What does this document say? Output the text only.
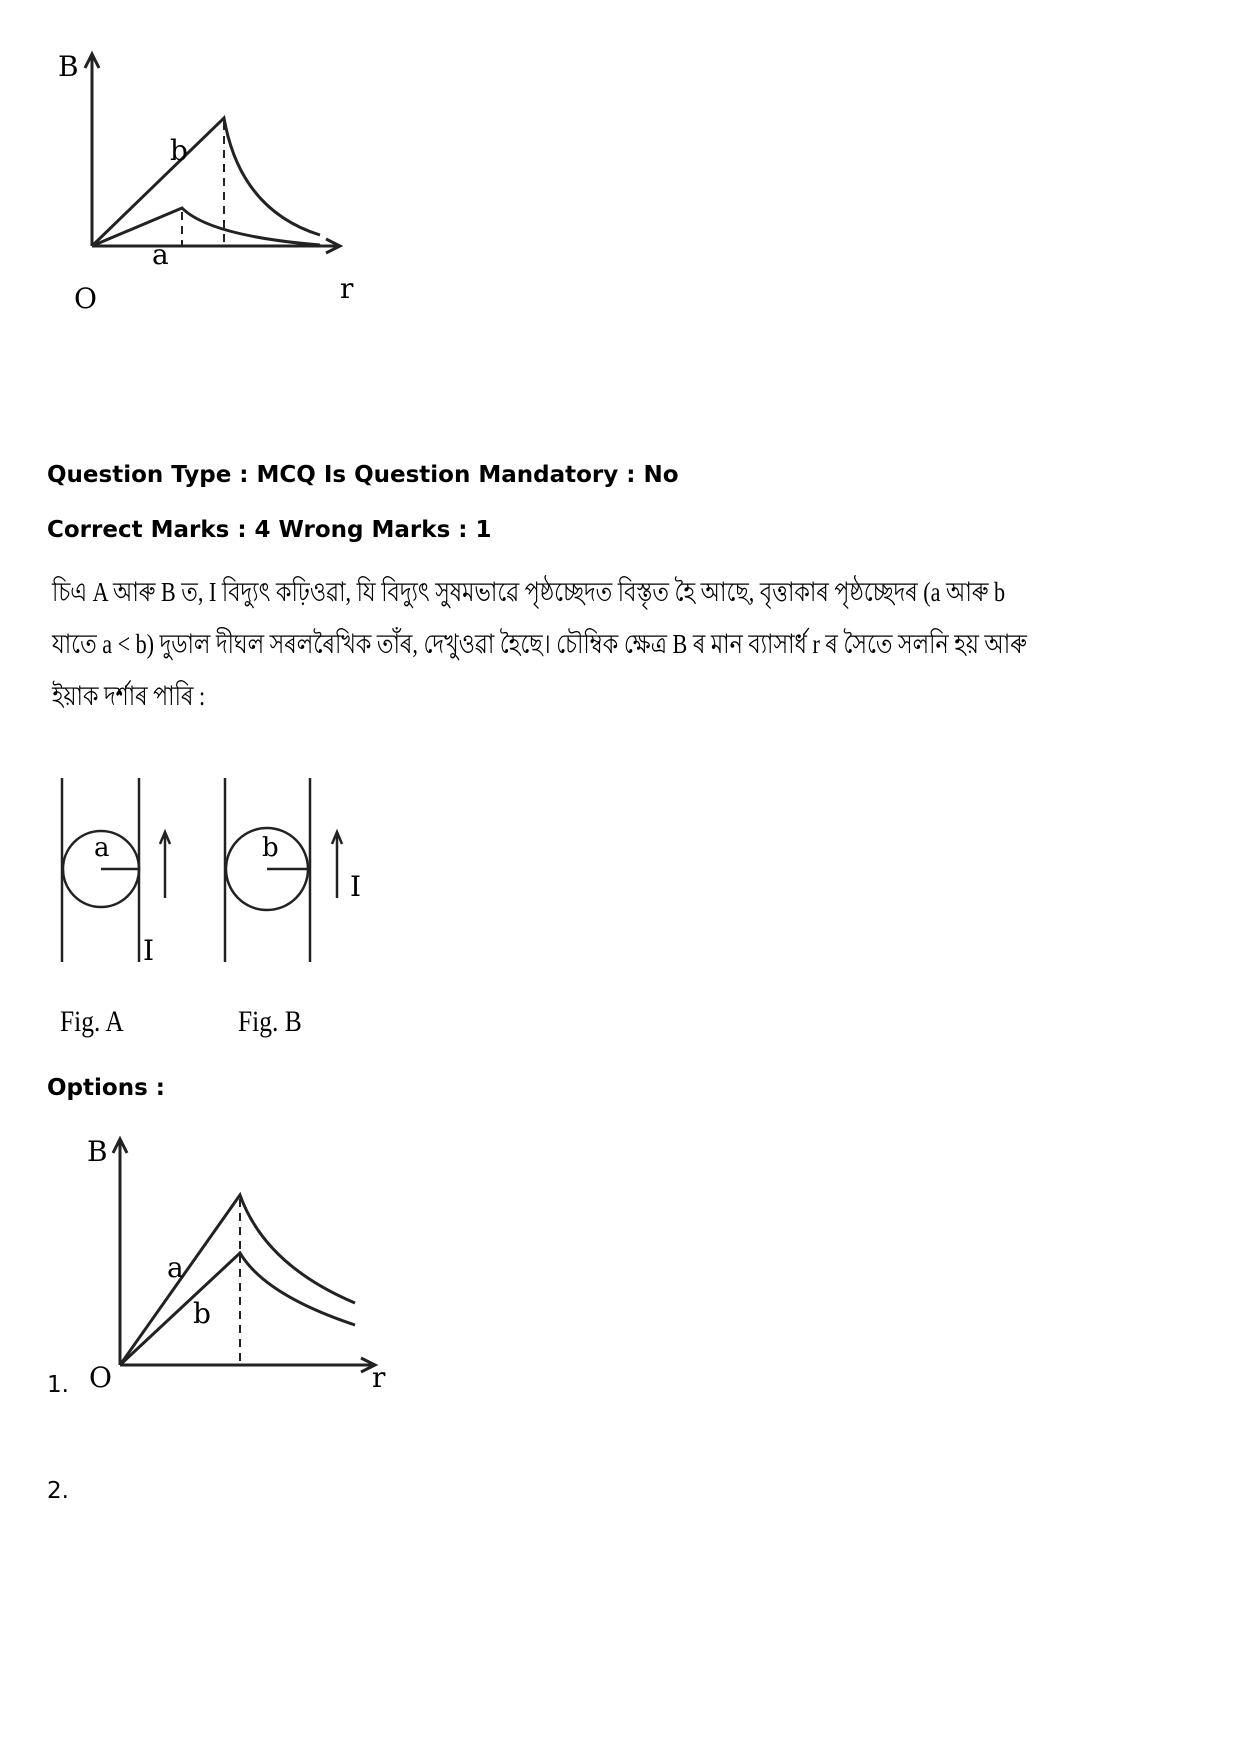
B
r
O
b
a
Question Type : MCQ Is Question Mandatory : No
Correct Marks : 4 Wrong Marks : 1
চিএ A আৰু B ত, I বিদ্যুৎ কঢ়িওৱা, যি বিদ্যুৎ সুষমভাৱে পৃষ্ঠচ্ছেদত বিস্তৃত হৈ আছে, বৃত্তাকাৰ পৃষ্ঠচ্ছেদৰ (a আৰু b
যাতে a < b) দুডাল দীঘল সৰলৰৈখিক তাঁৰ, দেখুওৱা হৈছে। চৌম্বিক ক্ষেত্ৰ B ৰ মান ব্যাসাৰ্ধ r ৰ সৈতে সলনি হয় আৰু
ইয়াক দৰ্শাৰ পাৰি :
a
I
b
I
Fig. A	Fig. B
Options :
1.
B
r
O
a
b
2.
